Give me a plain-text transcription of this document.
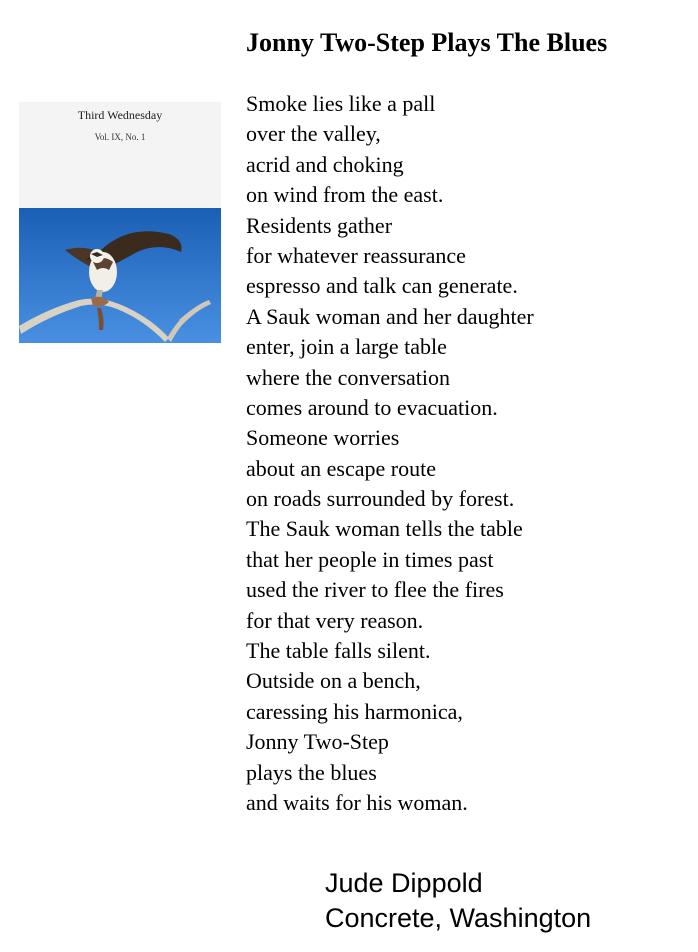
Jonny Two-Step Plays The Blues
Third Wednesday
Vol. IX, No. 1
Smoke lies like a pall
over the valley,
acrid and choking
on wind from the east.
Residents gather
for whatever reassurance
espresso and talk can generate.
A Sauk woman and her daughter
enter, join a large table
where the conversation
comes around to evacuation.
Someone worries
about an escape route
on roads surrounded by forest.
The Sauk woman tells the table
that her people in times past
used the river to flee the fires
for that very reason.
The table falls silent.
Outside on a bench,
caressing his harmonica,
Jonny Two-Step
plays the blues
and waits for his woman.
Jude Dippold
Concrete, Washington
